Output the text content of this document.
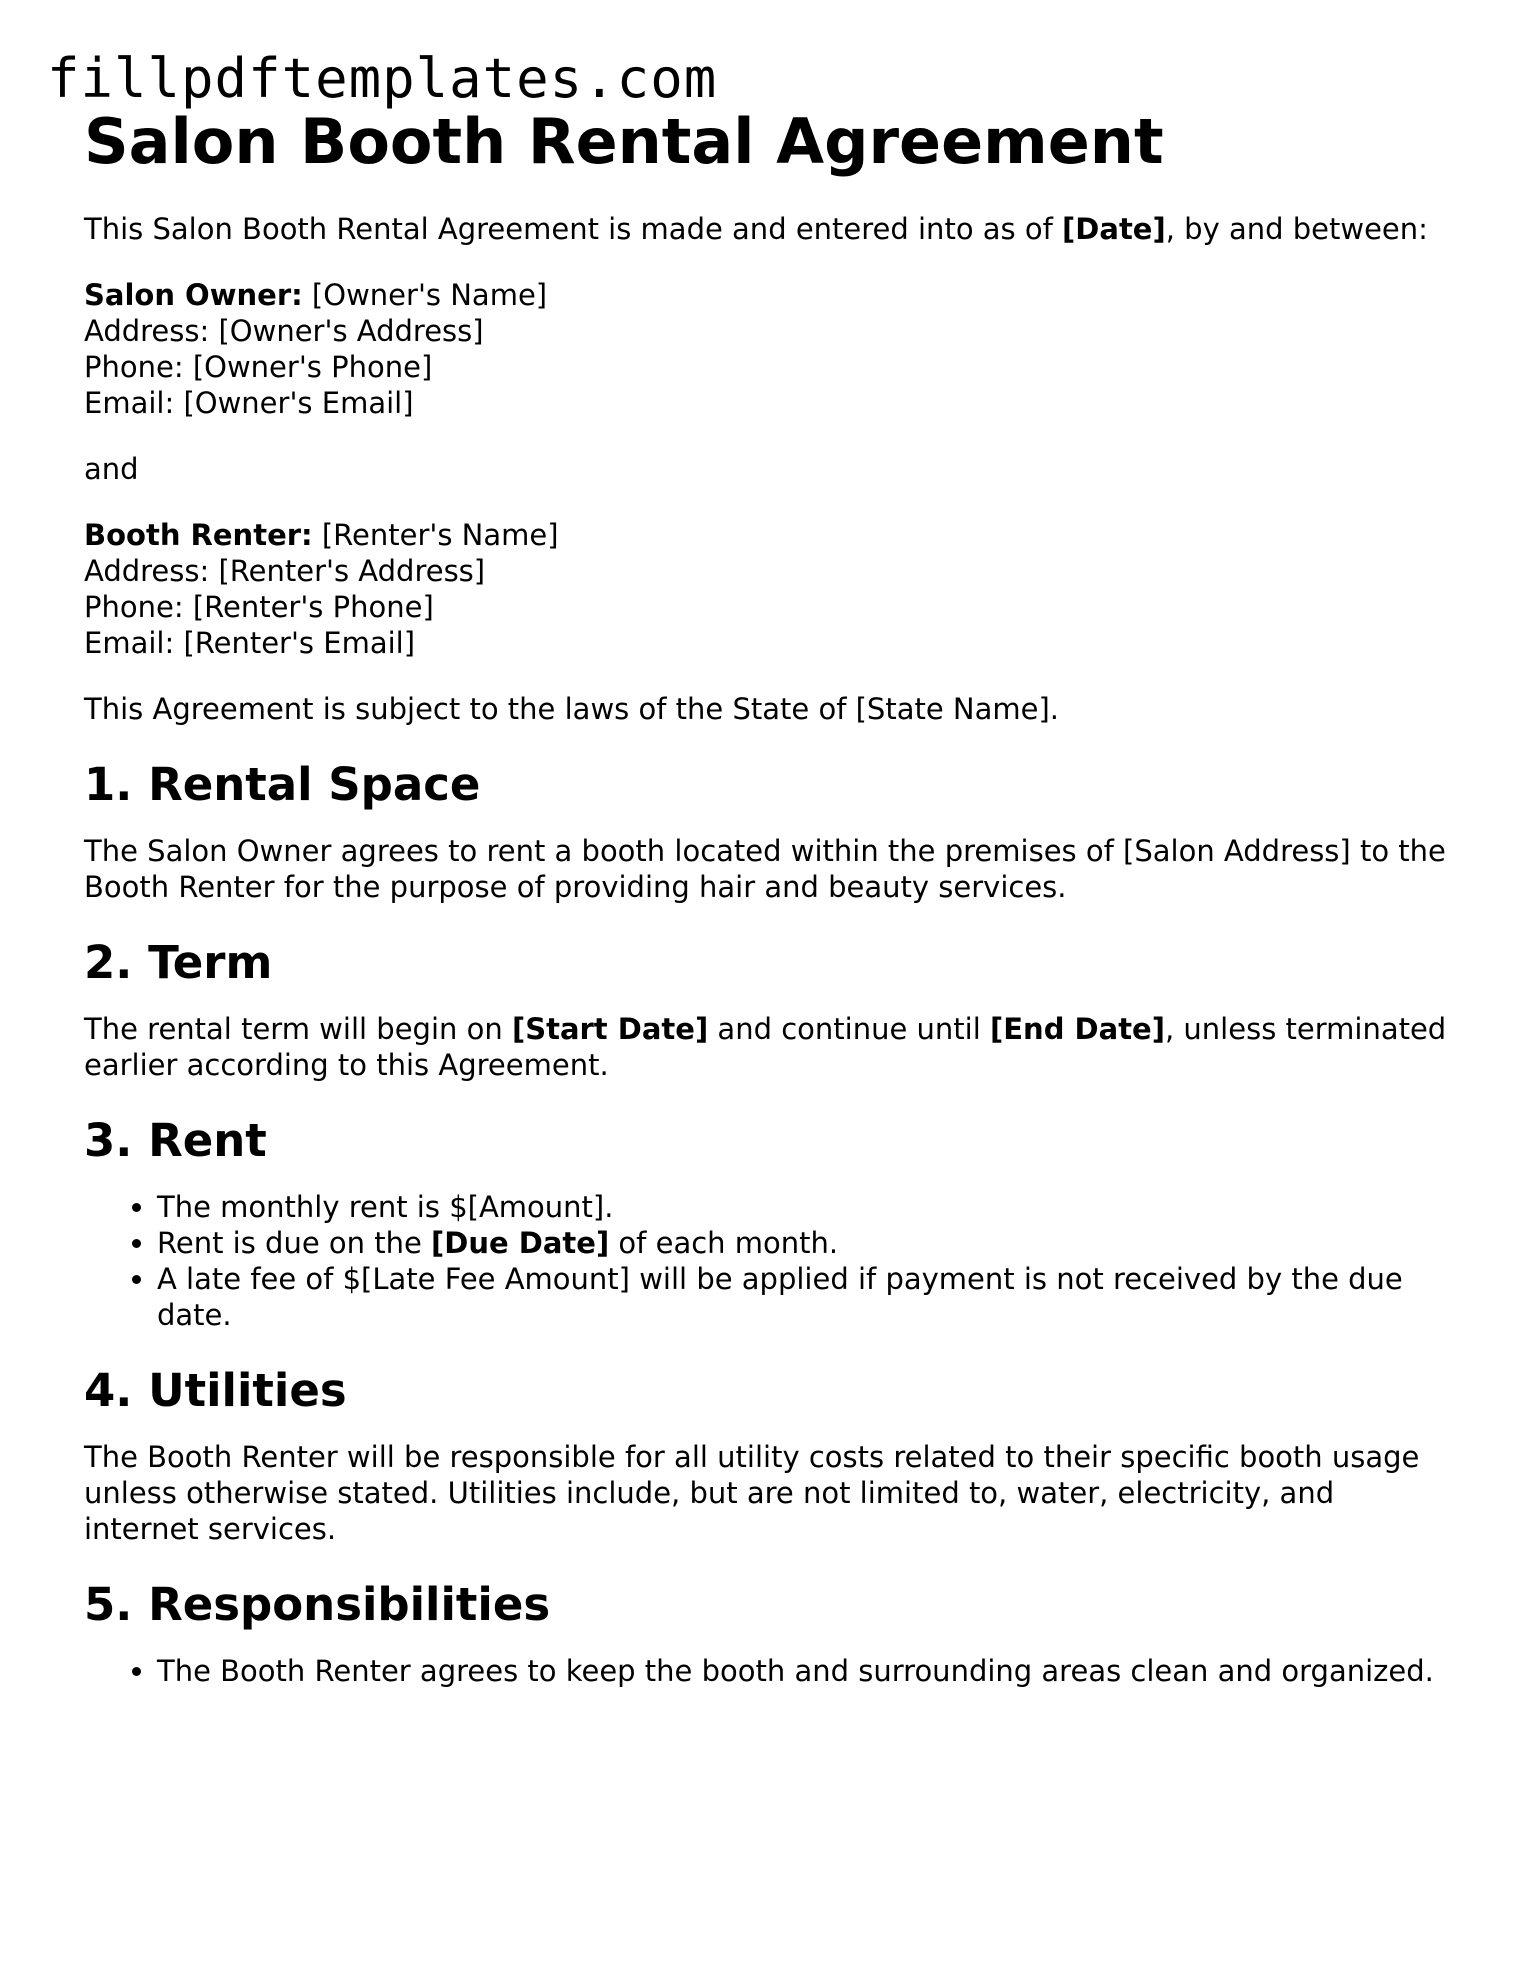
fillpdftemplates.com
Salon Booth Rental Agreement

This Salon Booth Rental Agreement is made and entered into as of [Date], by and between:

Salon Owner: [Owner's Name]
Address: [Owner's Address]
Phone: [Owner's Phone]
Email: [Owner's Email]

and

Booth Renter: [Renter's Name]
Address: [Renter's Address]
Phone: [Renter's Phone]
Email: [Renter's Email]

This Agreement is subject to the laws of the State of [State Name].

1. Rental Space

The Salon Owner agrees to rent a booth located within the premises of [Salon Address] to the Booth Renter for the purpose of providing hair and beauty services.

2. Term

The rental term will begin on [Start Date] and continue until [End Date], unless terminated earlier according to this Agreement.

3. Rent
• The monthly rent is $[Amount].
• Rent is due on the [Due Date] of each month.
• A late fee of $[Late Fee Amount] will be applied if payment is not received by the due date.
4. Utilities

The Booth Renter will be responsible for all utility costs related to their specific booth usage unless otherwise stated. Utilities include, but are not limited to, water, electricity, and internet services.

5. Responsibilities
• The Booth Renter agrees to keep the booth and surrounding areas clean and organized.
